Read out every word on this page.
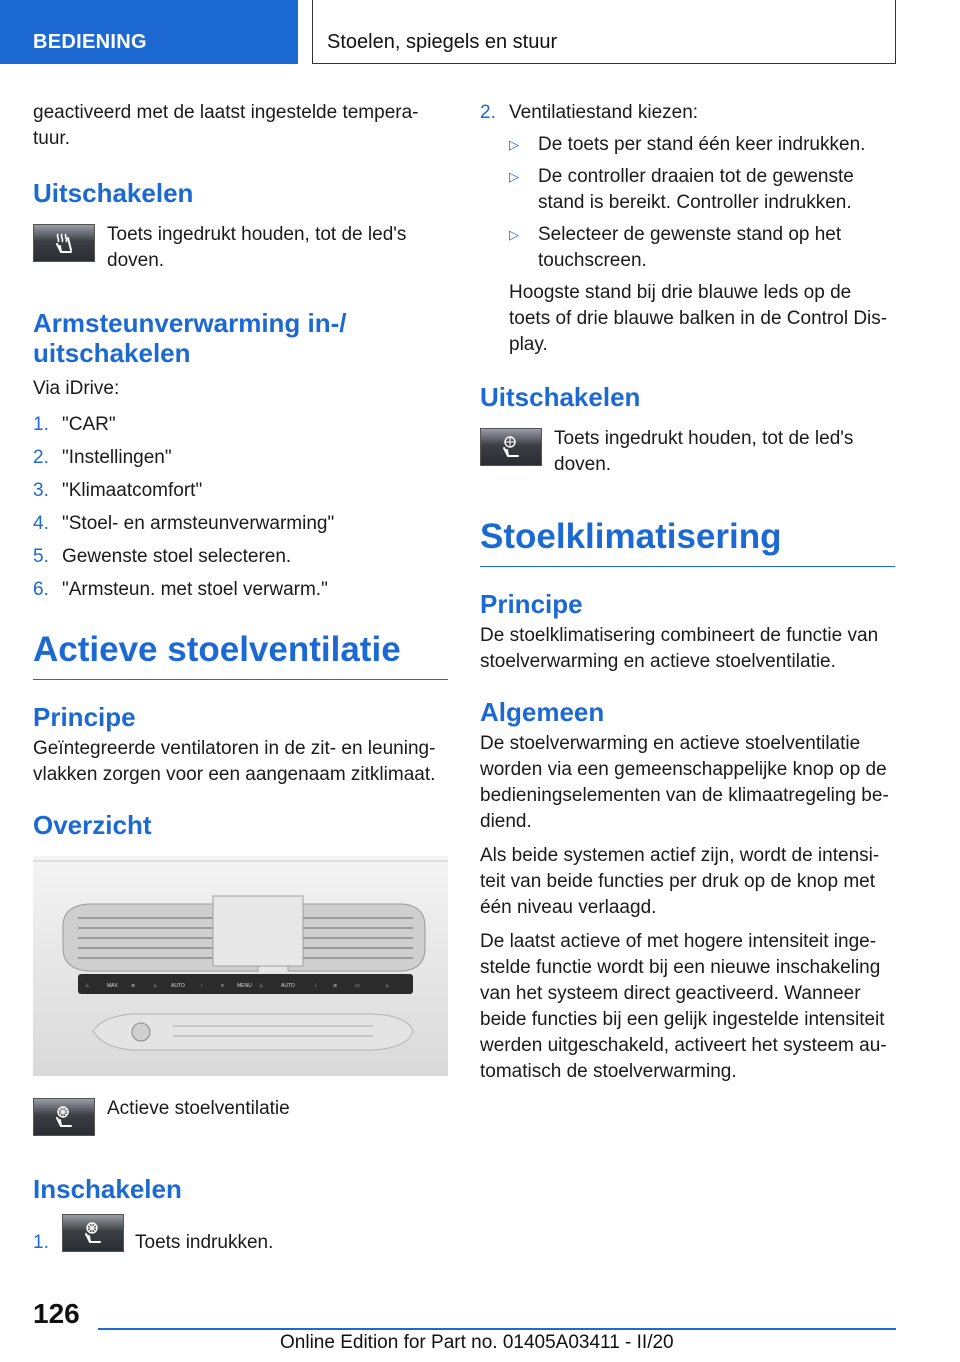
BEDIENING	Stoelen, spiegels en stuur

geactiveerd met de laatst ingestelde tempera-tuur.

Uitschakelen

Toets ingedrukt houden, tot de led's doven.

Armsteunverwarming in-/ uitschakelen

Via iDrive:

1. "CAR"
2. "Instellingen"
3. "Klimaatcomfort"
4. "Stoel- en armsteunverwarming"
5. Gewenste stoel selecteren.
6. "Armsteun. met stoel verwarm."
Actieve stoelventilatie
Principe

Geïntegreerde ventilatoren in de zit- en leuning-vlakken zorgen voor een aangenaam zitklimaat.

Overzicht
♨	MAX	≋	♨	AUTO	⁝	≡	MENU ♨	AUTO	⁝	≋	▭	♨

Actieve stoelventilatie

Inschakelen
1.	Toets indrukken.
2. Ventilatiestand kiezen:
▷ De toets per stand één keer indrukken.
▷ De controller draaien tot de gewenste stand is bereikt. Controller indrukken.
▷ Selecteer de gewenste stand op het touchscreen.

Hoogste stand bij drie blauwe leds op de toets of drie blauwe balken in de Control Dis-play.

Uitschakelen

Toets ingedrukt houden, tot de led's doven.

Stoelklimatisering
Principe

De stoelklimatisering combineert de functie van stoelverwarming en actieve stoelventilatie.

Algemeen

De stoelverwarming en actieve stoelventilatie worden via een gemeenschappelijke knop op de bedieningselementen van de klimaatregeling be-diend.

Als beide systemen actief zijn, wordt de intensi-teit van beide functies per druk op de knop met één niveau verlaagd.

De laatst actieve of met hogere intensiteit inge-stelde functie wordt bij een nieuwe inschakeling van het systeem direct geactiveerd. Wanneer beide functies bij een gelijk ingestelde intensiteit werden uitgeschakeld, activeert het systeem au-tomatisch de stoelverwarming.

126
Online Edition for Part no. 01405A03411 - II/20
